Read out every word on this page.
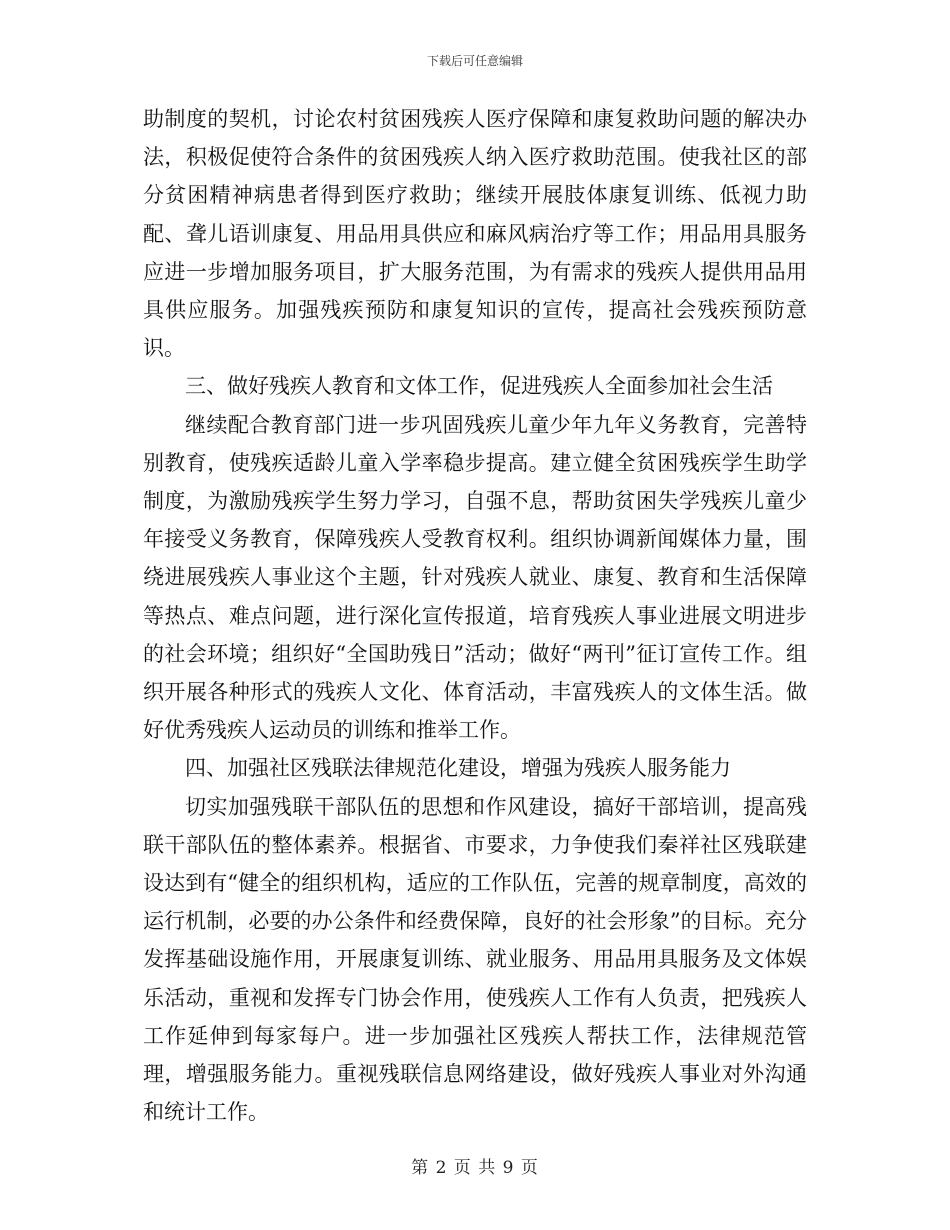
下载后可任意编辑

助制度的契机，讨论农村贫困残疾人医疗保障和康复救助问题的解决办法，积极促使符合条件的贫困残疾人纳入医疗救助范围。使我社区的部分贫困精神病患者得到医疗救助；继续开展肢体康复训练、低视力助配、聋儿语训康复、用品用具供应和麻风病治疗等工作；用品用具服务应进一步增加服务项目，扩大服务范围，为有需求的残疾人提供用品用具供应服务。加强残疾预防和康复知识的宣传，提高社会残疾预防意识。

三、做好残疾人教育和文体工作，促进残疾人全面参加社会生活

继续配合教育部门进一步巩固残疾儿童少年九年义务教育，完善特别教育，使残疾适龄儿童入学率稳步提高。建立健全贫困残疾学生助学制度，为激励残疾学生努力学习，自强不息，帮助贫困失学残疾儿童少年接受义务教育，保障残疾人受教育权利。组织协调新闻媒体力量，围绕进展残疾人事业这个主题，针对残疾人就业、康复、教育和生活保障等热点、难点问题，进行深化宣传报道，培育残疾人事业进展文明进步的社会环境；组织好“全国助残日”活动；做好“两刊”征订宣传工作。组织开展各种形式的残疾人文化、体育活动，丰富残疾人的文体生活。做好优秀残疾人运动员的训练和推举工作。

四、加强社区残联法律规范化建设，增强为残疾人服务能力

切实加强残联干部队伍的思想和作风建设，搞好干部培训，提高残联干部队伍的整体素养。根据省、市要求，力争使我们秦祥社区残联建设达到有“健全的组织机构，适应的工作队伍，完善的规章制度，高效的运行机制，必要的办公条件和经费保障，良好的社会形象”的目标。充分发挥基础设施作用，开展康复训练、就业服务、用品用具服务及文体娱乐活动，重视和发挥专门协会作用，使残疾人工作有人负责，把残疾人工作延伸到每家每户。进一步加强社区残疾人帮扶工作，法律规范管理，增强服务能力。重视残联信息网络建设，做好残疾人事业对外沟通和统计工作。

第 2 页 共 9 页
